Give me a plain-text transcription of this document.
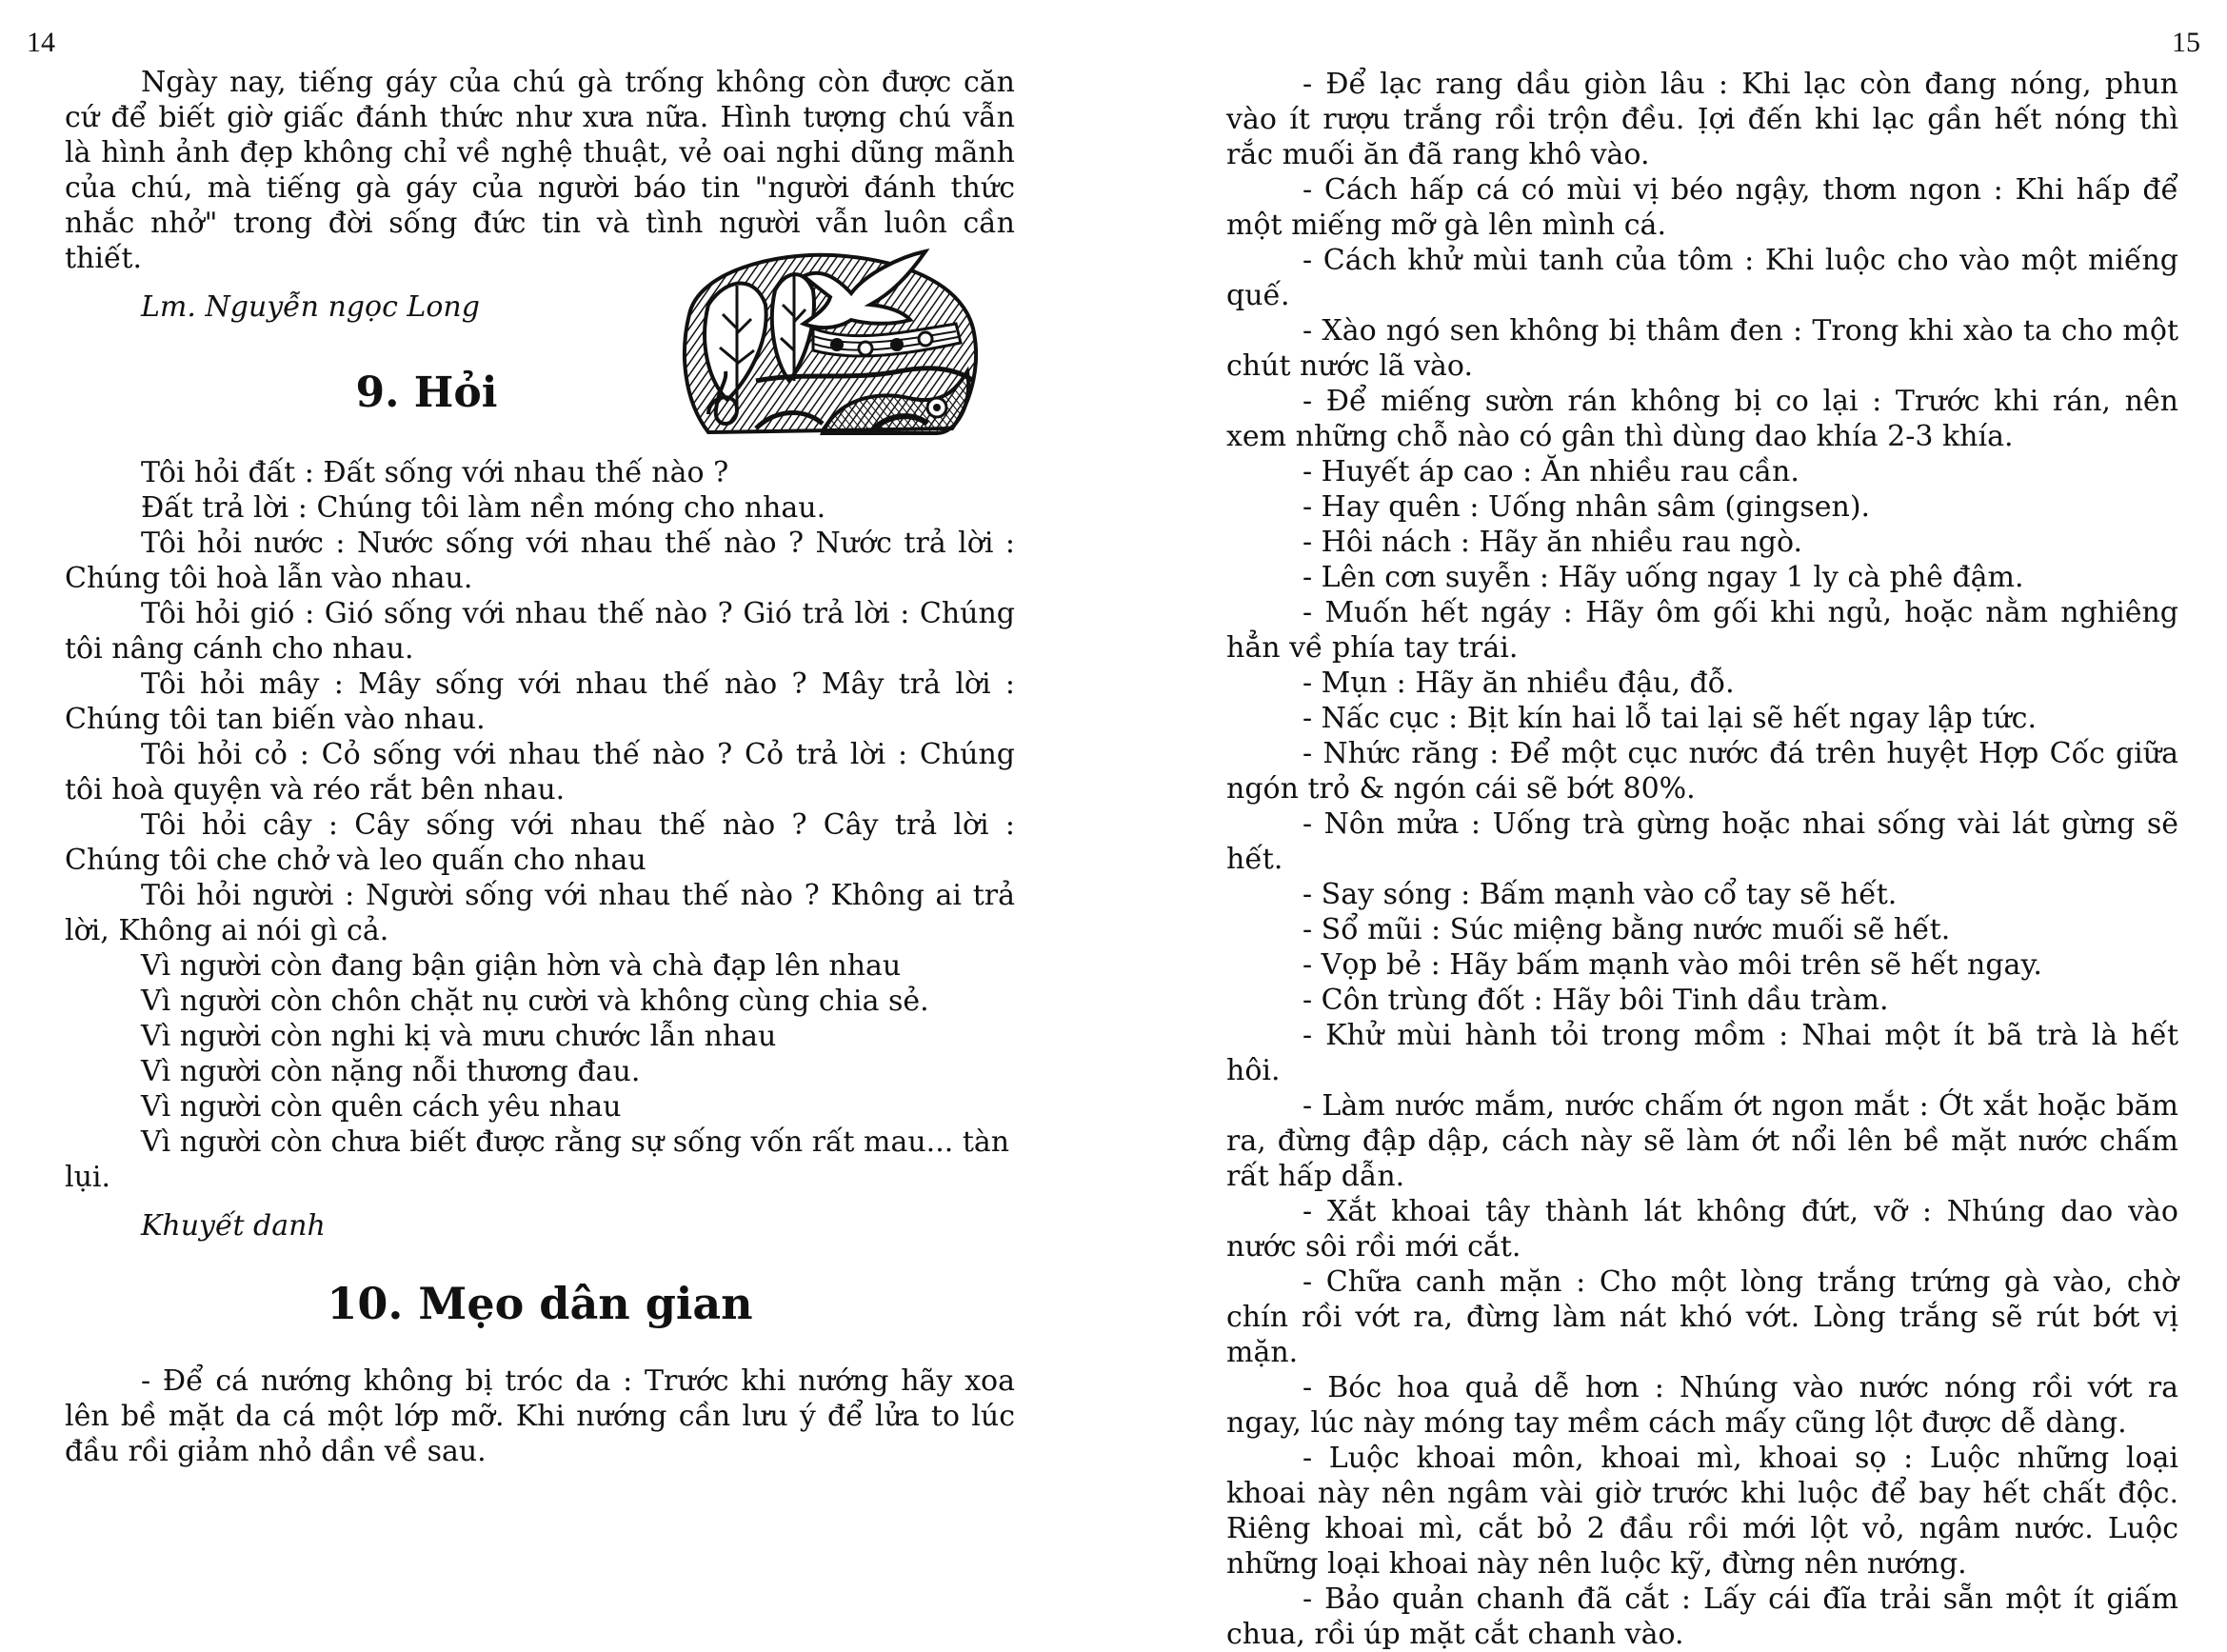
14

Ngày nay, tiếng gáy của chú gà trống không còn được căn cứ để biết giờ giấc đánh thức như xưa nữa. Hình tượng chú vẫn là hình ảnh đẹp không chỉ về nghệ thuật, vẻ oai nghi dũng mãnh của chú, mà tiếng gà gáy của người báo tin "người đánh thức nhắc nhở" trong đời sống đức tin và tình người vẫn luôn cần thiết.

Lm. Nguyễn ngọc Long

9. Hỏi

Tôi hỏi đất : Đất sống với nhau thế nào ?

Đất trả lời : Chúng tôi làm nền móng cho nhau.

Tôi hỏi nước : Nước sống với nhau thế nào ? Nước trả lời : Chúng tôi hoà lẫn vào nhau.

Tôi hỏi gió : Gió sống với nhau thế nào ? Gió trả lời : Chúng tôi nâng cánh cho nhau.

Tôi hỏi mây : Mây sống với nhau thế nào ? Mây trả lời : Chúng tôi tan biến vào nhau.

Tôi hỏi cỏ : Cỏ sống với nhau thế nào ? Cỏ trả lời : Chúng tôi hoà quyện và réo rắt bên nhau.

Tôi hỏi cây : Cây sống với nhau thế nào ? Cây trả lời : Chúng tôi che chở và leo quấn cho nhau

Tôi hỏi người : Người sống với nhau thế nào ? Không ai trả lời, Không ai nói gì cả.

Vì người còn đang bận giận hờn và chà đạp lên nhau

Vì người còn chôn chặt nụ cười và không cùng chia sẻ.

Vì người còn nghi kị và mưu chước lẫn nhau

Vì người còn nặng nỗi thương đau.

Vì người còn quên cách yêu nhau

Vì người còn chưa biết được rằng sự sống vốn rất mau... tàn lụi.

Khuyết danh

10. Mẹo dân gian

- Để cá nướng không bị tróc da : Trước khi nướng hãy xoa lên bề mặt da cá một lớp mỡ. Khi nướng cần lưu ý để lửa to lúc đầu rồi giảm nhỏ dần về sau.

15

- Để lạc rang dầu giòn lâu : Khi lạc còn đang nóng, phun vào ít rượu trắng rồi trộn đều. Ịợi đến khi lạc gần hết nóng thì rắc muối ăn đã rang khô vào.

- Cách hấp cá có mùi vị béo ngậy, thơm ngon : Khi hấp để một miếng mỡ gà lên mình cá.

- Cách khử mùi tanh của tôm : Khi luộc cho vào một miếng quế.

- Xào ngó sen không bị thâm đen : Trong khi xào ta cho một chút nước lã vào.

- Để miếng sườn rán không bị co lại : Trước khi rán, nên xem những chỗ nào có gân thì dùng dao khía 2-3 khía.

- Huyết áp cao : Ăn nhiều rau cần.

- Hay quên : Uống nhân sâm (gingsen).

- Hôi nách : Hãy ăn nhiều rau ngò.

- Lên cơn suyễn : Hãy uống ngay 1 ly cà phê đậm.

- Muốn hết ngáy : Hãy ôm gối khi ngủ, hoặc nằm nghiêng hẳn về phía tay trái.

- Mụn : Hãy ăn nhiều đậu, đỗ.

- Nấc cục : Bịt kín hai lỗ tai lại sẽ hết ngay lập tức.

- Nhức răng : Để một cục nước đá trên huyệt Hợp Cốc giữa ngón trỏ & ngón cái sẽ bớt 80%.

- Nôn mửa : Uống trà gừng hoặc nhai sống vài lát gừng sẽ hết.

- Say sóng : Bấm mạnh vào cổ tay sẽ hết.

- Sổ mũi : Súc miệng bằng nước muối sẽ hết.

- Vọp bẻ : Hãy bấm mạnh vào môi trên sẽ hết ngay.

- Côn trùng đốt : Hãy bôi Tinh dầu tràm.

- Khử mùi hành tỏi trong mồm : Nhai một ít bã trà là hết hôi.

- Làm nước mắm, nước chấm ớt ngon mắt : Ớt xắt hoặc băm ra, đừng đập dập, cách này sẽ làm ớt nổi lên bề mặt nước chấm rất hấp dẫn.

- Xắt khoai tây thành lát không đứt, vỡ : Nhúng dao vào nước sôi rồi mới cắt.

- Chữa canh mặn : Cho một lòng trắng trứng gà vào, chờ chín rồi vớt ra, đừng làm nát khó vớt. Lòng trắng sẽ rút bớt vị mặn.

- Bóc hoa quả dễ hơn : Nhúng vào nước nóng rồi vớt ra ngay, lúc này móng tay mềm cách mấy cũng lột được dễ dàng.

- Luộc khoai môn, khoai mì, khoai sọ : Luộc những loại khoai này nên ngâm vài giờ trước khi luộc để bay hết chất độc. Riêng khoai mì, cắt bỏ 2 đầu rồi mới lột vỏ, ngâm nước. Luộc những loại khoai này nên luộc kỹ, đừng nên nướng.

- Bảo quản chanh đã cắt : Lấy cái đĩa trải sẵn một ít giấm chua, rồi úp mặt cắt chanh vào.
